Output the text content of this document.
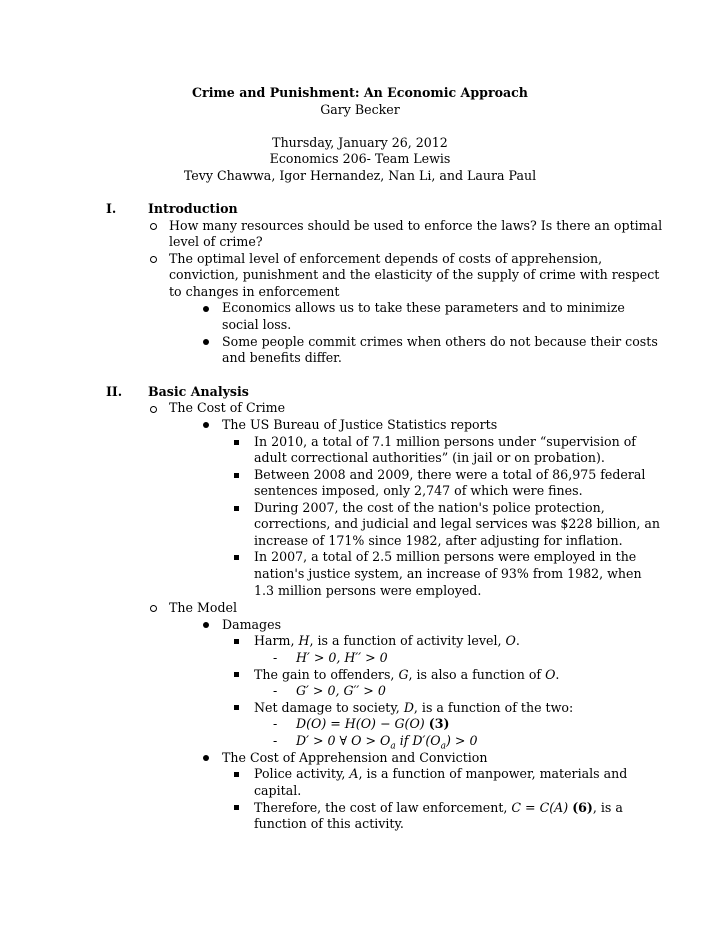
Crime and Punishment: An Economic Approach
Gary Becker
Thursday, January 26, 2012
Economics 206- Team Lewis
Tevy Chawwa, Igor Hernandez, Nan Li, and Laura Paul
I.	Introduction
How many resources should be used to enforce the laws? Is there an optimal
level of crime?
The optimal level of enforcement depends of costs of apprehension,
conviction, punishment and the elasticity of the supply of crime with respect
to changes in enforcement
Economics allows us to take these parameters and to minimize
social loss.
Some people commit crimes when others do not because their costs
and benefits differ.
II. Basic Analysis
The Cost of Crime
The US Bureau of Justice Statistics reports
In 2010, a total of 7.1 million persons under “supervision of
adult correctional authorities” (in jail or on probation).
Between 2008 and 2009, there were a total of 86,975 federal
sentences imposed, only 2,747 of which were fines.
During 2007, the cost of the nation's police protection,
corrections, and judicial and legal services was $228 billion, an
increase of 171% since 1982, after adjusting for inflation.
In 2007, a total of 2.5 million persons were employed in the
nation's justice system, an increase of 93% from 1982, when
1.3 million persons were employed.
The Model
Damages
Harm, H, is a function of activity level, O.
- H′ > 0, H′′ > 0
The gain to offenders, G, is also a function of O.
- G′ > 0, G′′ > 0
Net damage to society, D, is a function of the two:
- D(O) = H(O) − G(O) (3)
- D′ > 0 ∀ $O > O_a$ if $D'(O_a) > 0$
The Cost of Apprehension and Conviction
Police activity, A, is a function of manpower, materials and
capital.
Therefore, the cost of law enforcement, C = C(A) (6), is a
function of this activity.
